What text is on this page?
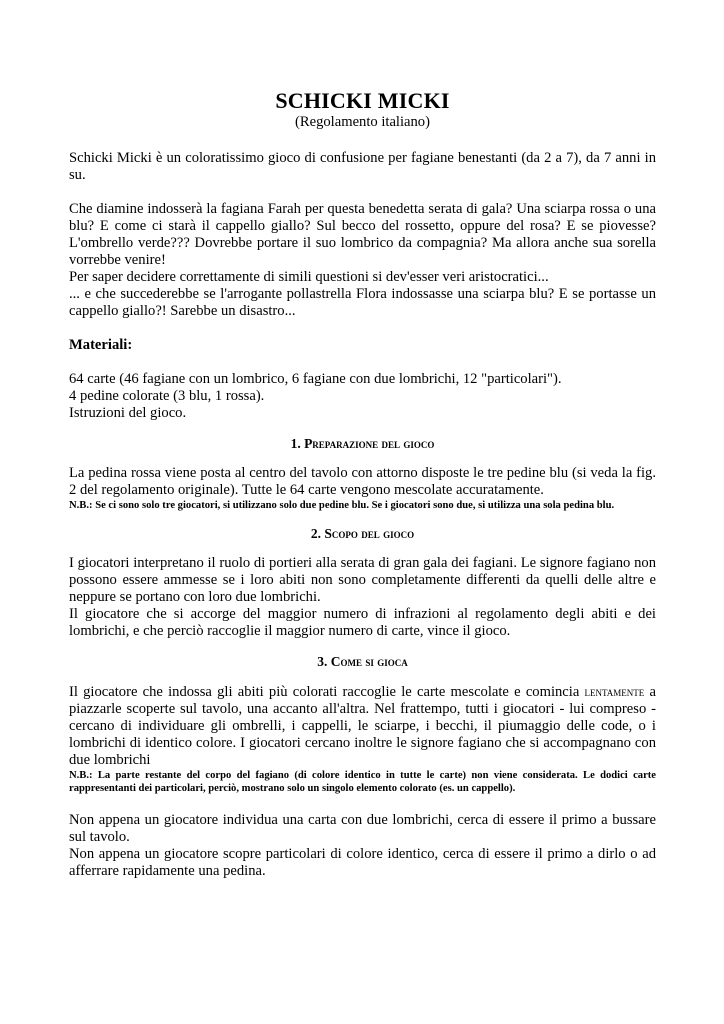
SCHICKI MICKI
(Regolamento italiano)

Schicki Micki è un coloratissimo gioco di confusione per fagiane benestanti (da 2 a 7), da 7 anni in su.

Che diamine indosserà la fagiana Farah per questa benedetta serata di gala? Una sciarpa rossa o una blu? E come ci starà il cappello giallo? Sul becco del rossetto, oppure del rosa? E se piovesse? L'ombrello verde??? Dovrebbe portare il suo lombrico da compagnia? Ma allora anche sua sorella vorrebbe venire!

Per saper decidere correttamente di simili questioni si dev'esser veri aristocratici...

... e che succederebbe se l'arrogante pollastrella Flora indossasse una sciarpa blu? E se portasse un cappello giallo?! Sarebbe un disastro...

Materiali:

64 carte (46 fagiane con un lombrico, 6 fagiane con due lombrichi, 12 "particolari").

4 pedine colorate (3 blu, 1 rossa).

Istruzioni del gioco.

1. Preparazione del gioco

La pedina rossa viene posta al centro del tavolo con attorno disposte le tre pedine blu (si veda la fig. 2 del regolamento originale). Tutte le 64 carte vengono mescolate accuratamente.

N.B.: Se ci sono solo tre giocatori, si utilizzano solo due pedine blu. Se i giocatori sono due, si utilizza una sola pedina blu.

2. Scopo del gioco

I giocatori interpretano il ruolo di portieri alla serata di gran gala dei fagiani. Le signore fagiano non possono essere ammesse se i loro abiti non sono completamente differenti da quelli delle altre e neppure se portano con loro due lombrichi.

Il giocatore che si accorge del maggior numero di infrazioni al regolamento degli abiti e dei lombrichi, e che perciò raccoglie il maggior numero di carte, vince il gioco.

3. Come si gioca

Il giocatore che indossa gli abiti più colorati raccoglie le carte mescolate e comincia lentamente a piazzarle scoperte sul tavolo, una accanto all'altra. Nel frattempo, tutti i giocatori - lui compreso - cercano di individuare gli ombrelli, i cappelli, le sciarpe, i becchi, il piumaggio delle code, o i lombrichi di identico colore. I giocatori cercano inoltre le signore fagiano che si accompagnano con due lombrichi

N.B.: La parte restante del corpo del fagiano (di colore identico in tutte le carte) non viene considerata. Le dodici carte rappresentanti dei particolari, perciò, mostrano solo un singolo elemento colorato (es. un cappello).

Non appena un giocatore individua una carta con due lombrichi, cerca di essere il primo a bussare sul tavolo.

Non appena un giocatore scopre particolari di colore identico, cerca di essere il primo a dirlo o ad afferrare rapidamente una pedina.
